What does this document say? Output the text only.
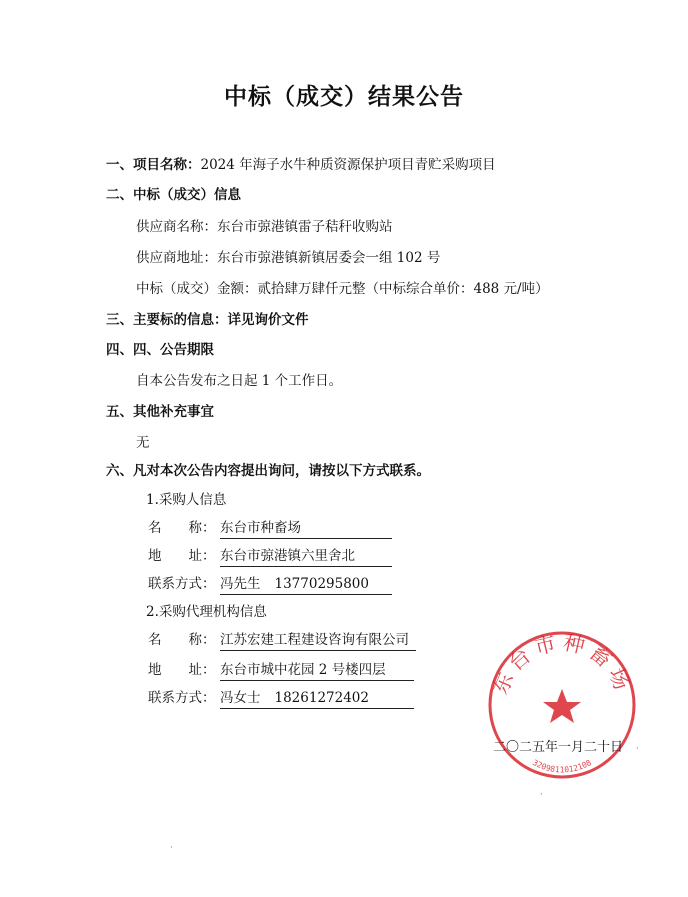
中标（成交）结果公告
一、项目名称：2024 年海子水牛种质资源保护项目青贮采购项目
二、中标（成交）信息
供应商名称：东台市弶港镇雷子秸秆收购站
供应商地址：东台市弶港镇新镇居委会一组 102 号
中标（成交）金额：贰拾肆万肆仟元整（中标综合单价：488 元/吨）
三、主要标的信息：详见询价文件
四、四、公告期限
自本公告发布之日起 1 个工作日。
五、其他补充事宜
无
六、凡对本次公告内容提出询问，请按以下方式联系。
1.采购人信息
名　　称： 东台市种畜场
地　　址： 东台市弶港镇六里舍北
联系方式： 冯先生 13770295800
2.采购代理机构信息
名　　称： 江苏宏建工程建设咨询有限公司
地　　址： 东台市城中花园 2 号楼四层
联系方式： 冯女士 18261272402
东台市种畜场
3209811012108
二〇二五年一月二十日 ·
·
·
